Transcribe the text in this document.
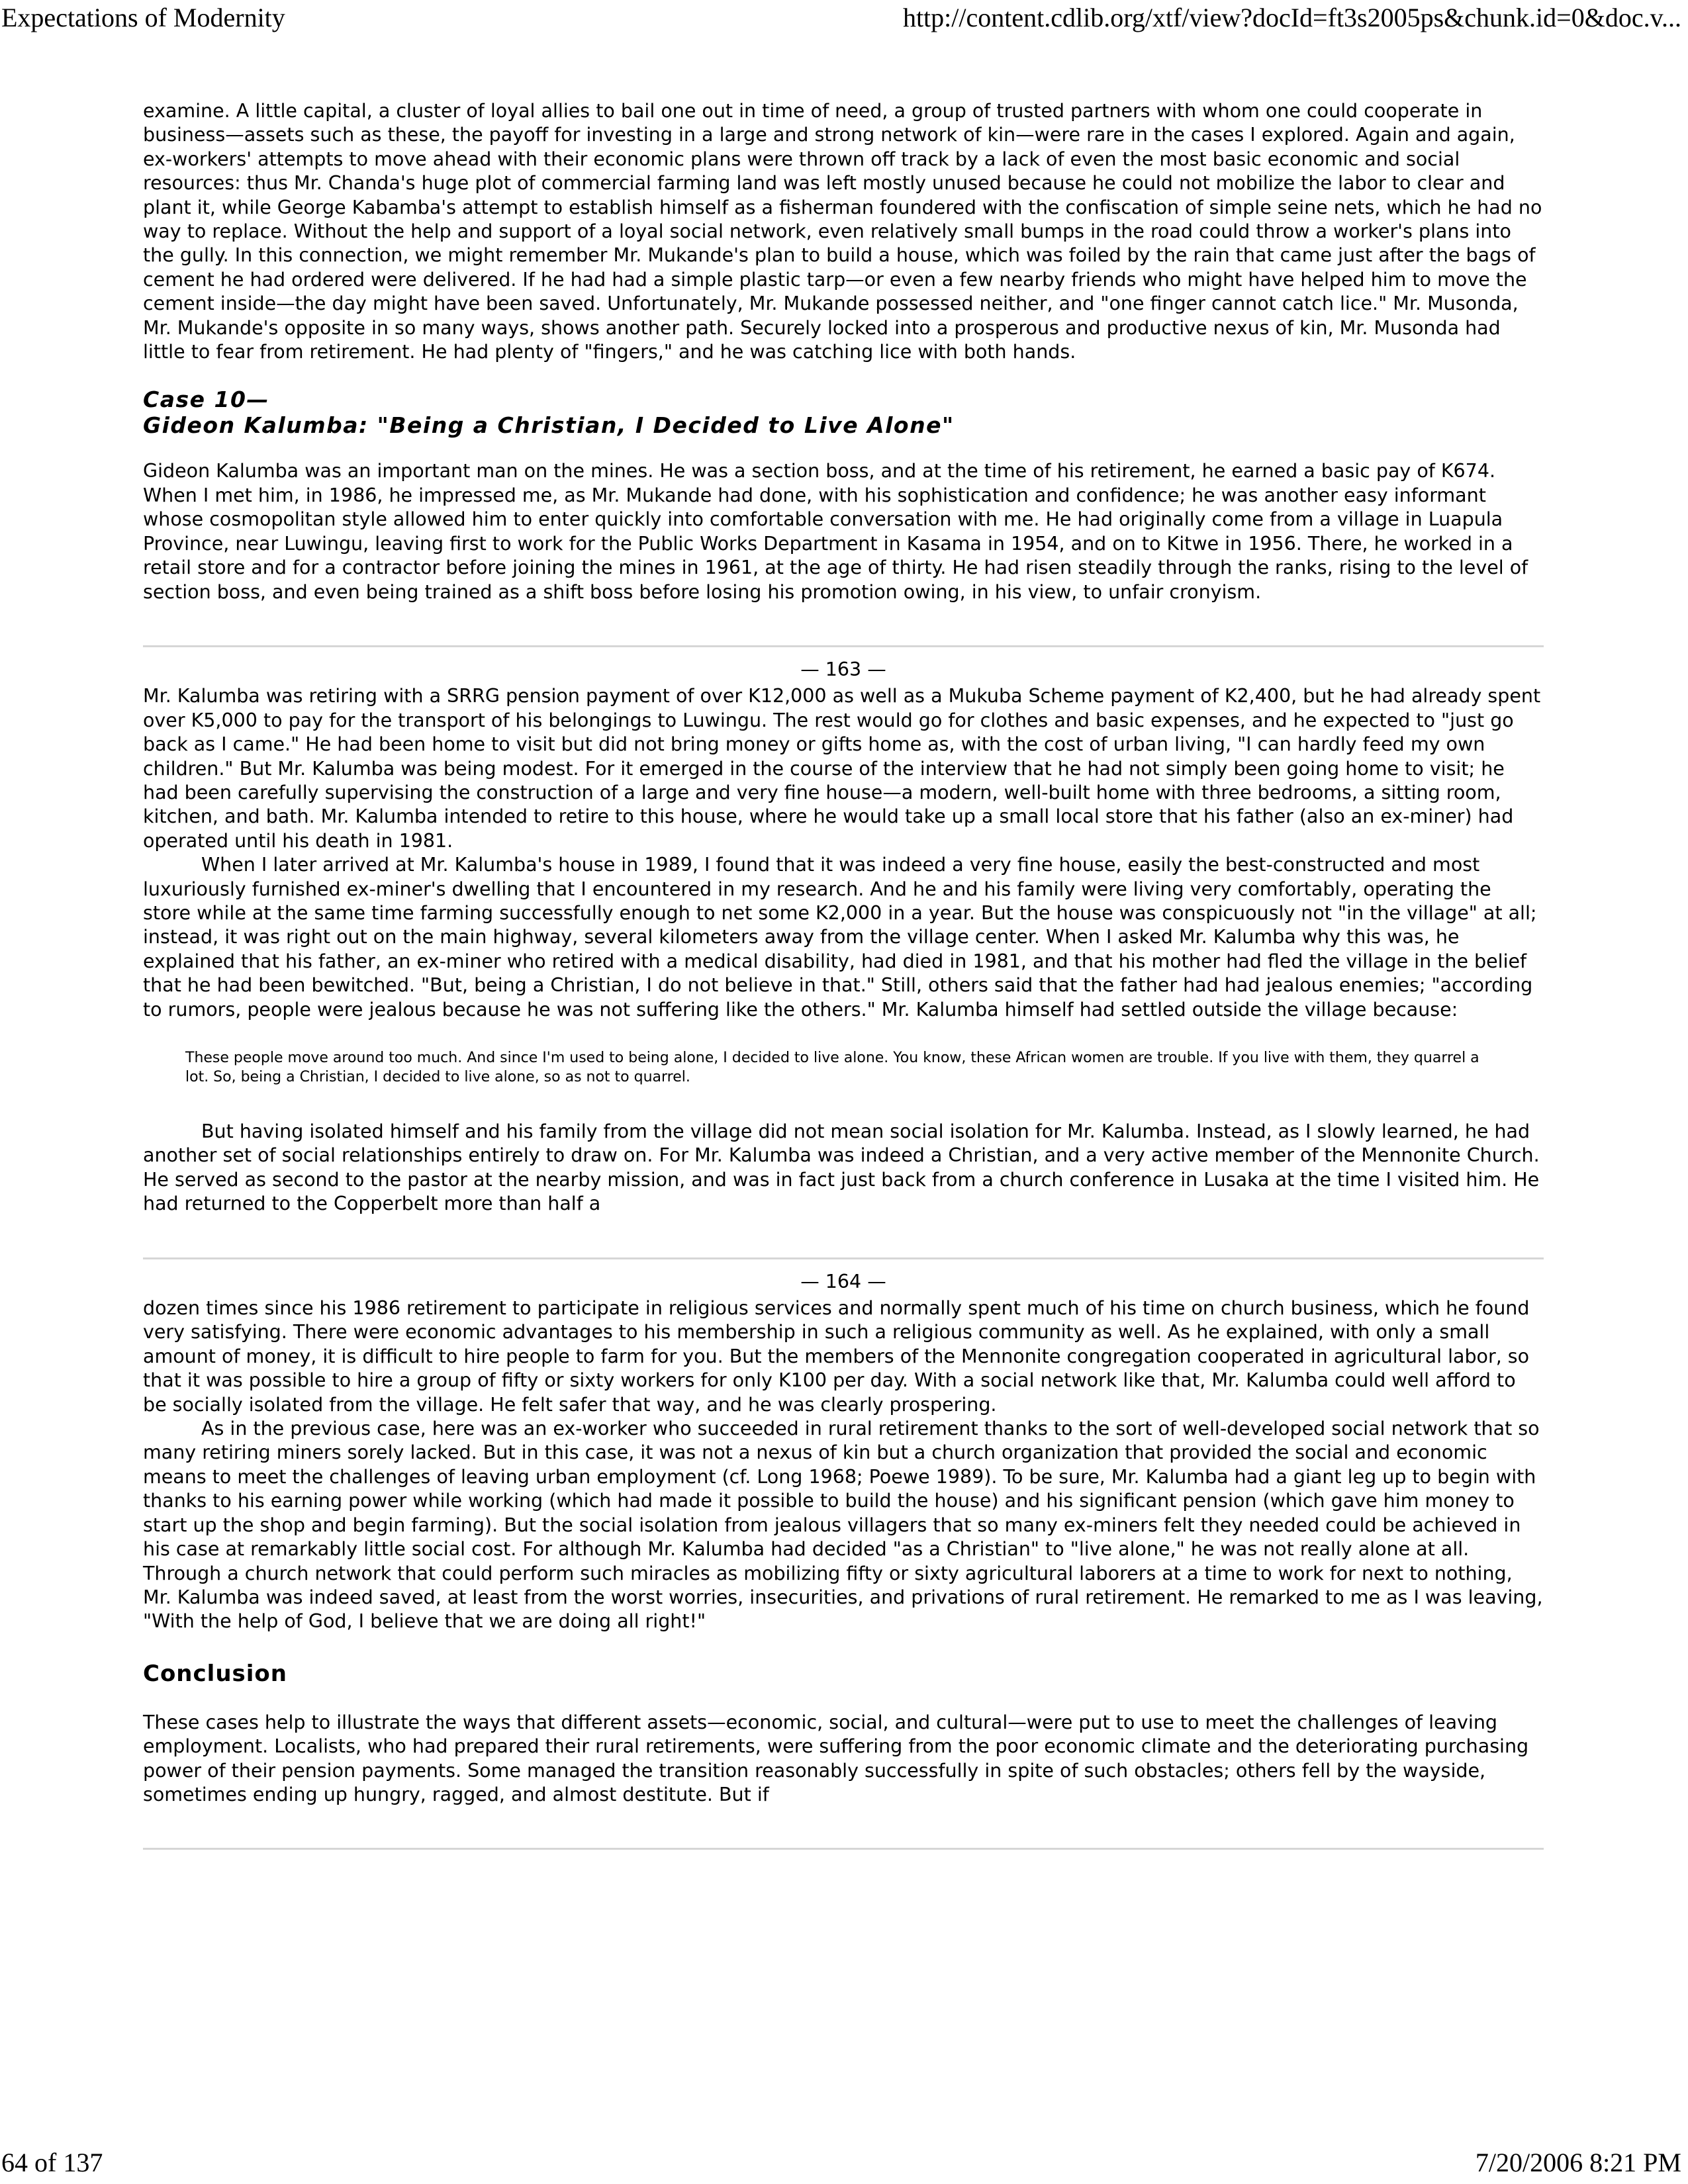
Expectations of Modernity	http://content.cdlib.org/xtf/view?docId=ft3s2005ps&chunk.id=0&doc.v...

examine. A little capital, a cluster of loyal allies to bail one out in time of need, a group of trusted partners with whom one could cooperate in business—assets such as these, the payoff for investing in a large and strong network of kin—were rare in the cases I explored. Again and again, ex-workers' attempts to move ahead with their economic plans were thrown off track by a lack of even the most basic economic and social resources: thus Mr. Chanda's huge plot of commercial farming land was left mostly unused because he could not mobilize the labor to clear and plant it, while George Kabamba's attempt to establish himself as a fisherman foundered with the confiscation of simple seine nets, which he had no way to replace. Without the help and support of a loyal social network, even relatively small bumps in the road could throw a worker's plans into the gully. In this connection, we might remember Mr. Mukande's plan to build a house, which was foiled by the rain that came just after the bags of cement he had ordered were delivered. If he had had a simple plastic tarp—or even a few nearby friends who might have helped him to move the cement inside—the day might have been saved. Unfortunately, Mr. Mukande possessed neither, and "one finger cannot catch lice." Mr. Musonda, Mr. Mukande's opposite in so many ways, shows another path. Securely locked into a prosperous and productive nexus of kin, Mr. Musonda had little to fear from retirement. He had plenty of "fingers," and he was catching lice with both hands.

Case 10—
Gideon Kalumba: "Being a Christian, I Decided to Live Alone"

Gideon Kalumba was an important man on the mines. He was a section boss, and at the time of his retirement, he earned a basic pay of K674. When I met him, in 1986, he impressed me, as Mr. Mukande had done, with his sophistication and confidence; he was another easy informant whose cosmopolitan style allowed him to enter quickly into comfortable conversation with me. He had originally come from a village in Luapula Province, near Luwingu, leaving first to work for the Public Works Department in Kasama in 1954, and on to Kitwe in 1956. There, he worked in a retail store and for a contractor before joining the mines in 1961, at the age of thirty. He had risen steadily through the ranks, rising to the level of section boss, and even being trained as a shift boss before losing his promotion owing, in his view, to unfair cronyism.

— 163 —

Mr. Kalumba was retiring with a SRRG pension payment of over K12,000 as well as a Mukuba Scheme payment of K2,400, but he had already spent over K5,000 to pay for the transport of his belongings to Luwingu. The rest would go for clothes and basic expenses, and he expected to "just go back as I came." He had been home to visit but did not bring money or gifts home as, with the cost of urban living, "I can hardly feed my own children." But Mr. Kalumba was being modest. For it emerged in the course of the interview that he had not simply been going home to visit; he had been carefully supervising the construction of a large and very fine house—a modern, well-built home with three bedrooms, a sitting room, kitchen, and bath. Mr. Kalumba intended to retire to this house, where he would take up a small local store that his father (also an ex-miner) had operated until his death in 1981.

When I later arrived at Mr. Kalumba's house in 1989, I found that it was indeed a very fine house, easily the best-constructed and most luxuriously furnished ex-miner's dwelling that I encountered in my research. And he and his family were living very comfortably, operating the store while at the same time farming successfully enough to net some K2,000 in a year. But the house was conspicuously not "in the village" at all; instead, it was right out on the main highway, several kilometers away from the village center. When I asked Mr. Kalumba why this was, he explained that his father, an ex-miner who retired with a medical disability, had died in 1981, and that his mother had fled the village in the belief that he had been bewitched. "But, being a Christian, I do not believe in that." Still, others said that the father had had jealous enemies; "according to rumors, people were jealous because he was not suffering like the others." Mr. Kalumba himself had settled outside the village because:

These people move around too much. And since I'm used to being alone, I decided to live alone. You know, these African women are trouble. If you live with them, they quarrel a lot. So, being a Christian, I decided to live alone, so as not to quarrel.

But having isolated himself and his family from the village did not mean social isolation for Mr. Kalumba. Instead, as I slowly learned, he had another set of social relationships entirely to draw on. For Mr. Kalumba was indeed a Christian, and a very active member of the Mennonite Church. He served as second to the pastor at the nearby mission, and was in fact just back from a church conference in Lusaka at the time I visited him. He had returned to the Copperbelt more than half a

— 164 —

dozen times since his 1986 retirement to participate in religious services and normally spent much of his time on church business, which he found very satisfying. There were economic advantages to his membership in such a religious community as well. As he explained, with only a small amount of money, it is difficult to hire people to farm for you. But the members of the Mennonite congregation cooperated in agricultural labor, so that it was possible to hire a group of fifty or sixty workers for only K100 per day. With a social network like that, Mr. Kalumba could well afford to be socially isolated from the village. He felt safer that way, and he was clearly prospering.

As in the previous case, here was an ex-worker who succeeded in rural retirement thanks to the sort of well-developed social network that so many retiring miners sorely lacked. But in this case, it was not a nexus of kin but a church organization that provided the social and economic means to meet the challenges of leaving urban employment (cf. Long 1968; Poewe 1989). To be sure, Mr. Kalumba had a giant leg up to begin with thanks to his earning power while working (which had made it possible to build the house) and his significant pension (which gave him money to start up the shop and begin farming). But the social isolation from jealous villagers that so many ex-miners felt they needed could be achieved in his case at remarkably little social cost. For although Mr. Kalumba had decided "as a Christian" to "live alone," he was not really alone at all. Through a church network that could perform such miracles as mobilizing fifty or sixty agricultural laborers at a time to work for next to nothing, Mr. Kalumba was indeed saved, at least from the worst worries, insecurities, and privations of rural retirement. He remarked to me as I was leaving, "With the help of God, I believe that we are doing all right!"

Conclusion

These cases help to illustrate the ways that different assets—economic, social, and cultural—were put to use to meet the challenges of leaving employment. Localists, who had prepared their rural retirements, were suffering from the poor economic climate and the deteriorating purchasing power of their pension payments. Some managed the transition reasonably successfully in spite of such obstacles; others fell by the wayside, sometimes ending up hungry, ragged, and almost destitute. But if

64 of 137	7/20/2006 8:21 PM
